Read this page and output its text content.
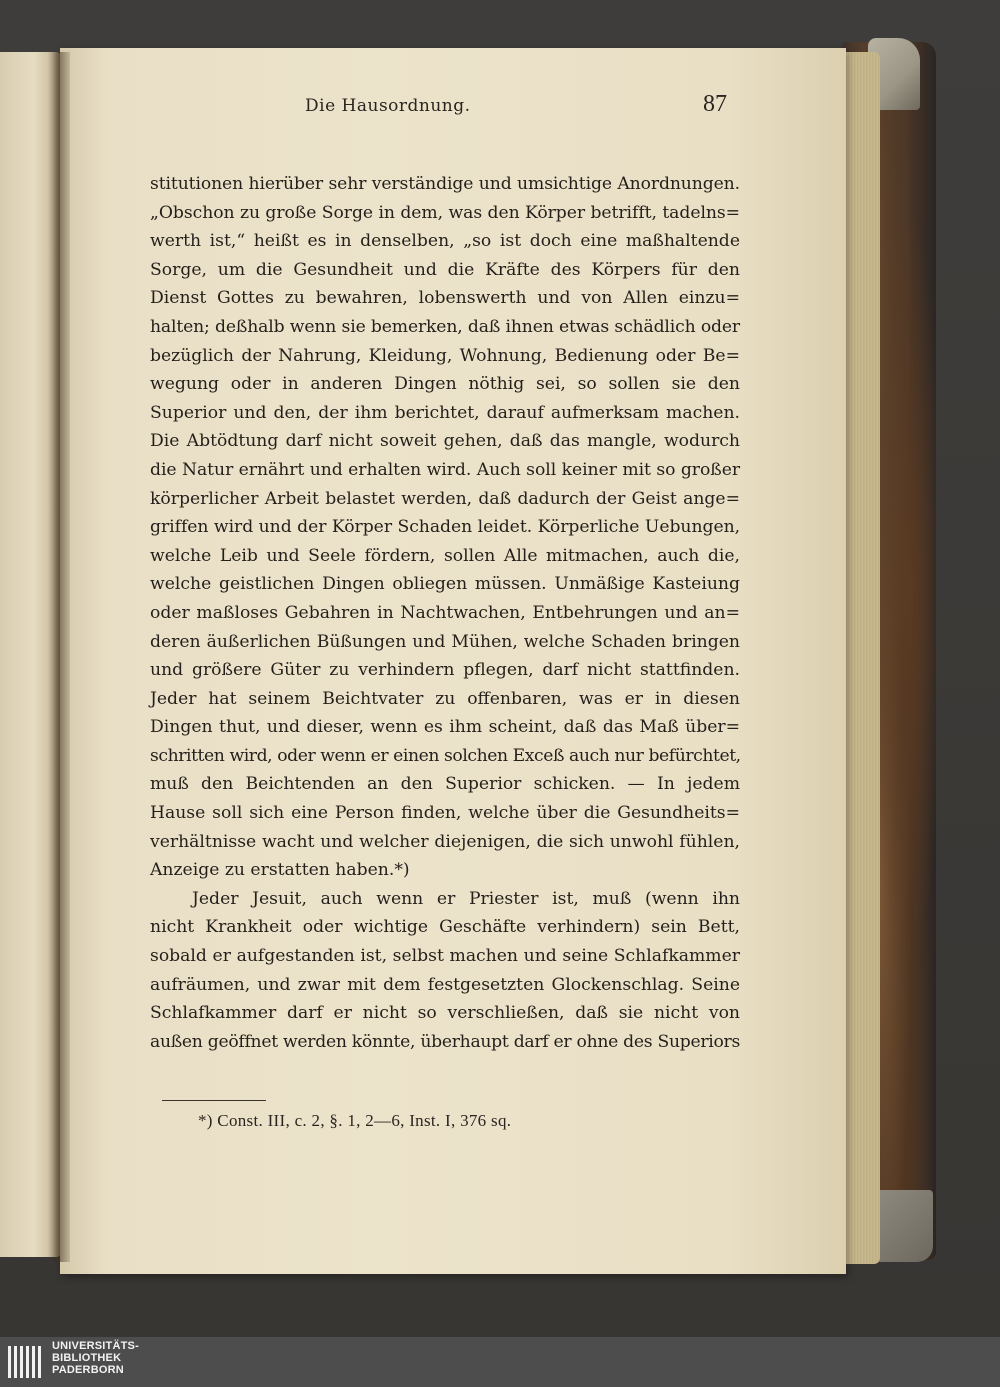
Die Hausordnung.	87
stitutionen hierüber sehr verständige und umsichtige Anordnungen.
„Obschon zu große Sorge in dem, was den Körper betrifft, tadelns=
werth ist,“ heißt es in denselben, „so ist doch eine maßhaltende
Sorge, um die Gesundheit und die Kräfte des Körpers für den
Dienst Gottes zu bewahren, lobenswerth und von Allen einzu=
halten; deßhalb wenn sie bemerken, daß ihnen etwas schädlich oder
bezüglich der Nahrung, Kleidung, Wohnung, Bedienung oder Be=
wegung oder in anderen Dingen nöthig sei, so sollen sie den
Superior und den, der ihm berichtet, darauf aufmerksam machen.
Die Abtödtung darf nicht soweit gehen, daß das mangle, wodurch
die Natur ernährt und erhalten wird. Auch soll keiner mit so großer
körperlicher Arbeit belastet werden, daß dadurch der Geist ange=
griffen wird und der Körper Schaden leidet. Körperliche Uebungen,
welche Leib und Seele fördern, sollen Alle mitmachen, auch die,
welche geistlichen Dingen obliegen müssen. Unmäßige Kasteiung
oder maßloses Gebahren in Nachtwachen, Entbehrungen und an=
deren äußerlichen Büßungen und Mühen, welche Schaden bringen
und größere Güter zu verhindern pflegen, darf nicht stattfinden.
Jeder hat seinem Beichtvater zu offenbaren, was er in diesen
Dingen thut, und dieser, wenn es ihm scheint, daß das Maß über=
schritten wird, oder wenn er einen solchen Exceß auch nur befürchtet,
muß den Beichtenden an den Superior schicken. — In jedem
Hause soll sich eine Person finden, welche über die Gesundheits=
verhältnisse wacht und welcher diejenigen, die sich unwohl fühlen,
Anzeige zu erstatten haben.*)
Jeder Jesuit, auch wenn er Priester ist, muß (wenn ihn
nicht Krankheit oder wichtige Geschäfte verhindern) sein Bett,
sobald er aufgestanden ist, selbst machen und seine Schlafkammer
aufräumen, und zwar mit dem festgesetzten Glockenschlag. Seine
Schlafkammer darf er nicht so verschließen, daß sie nicht von
außen geöffnet werden könnte, überhaupt darf er ohne des Superiors
*) Const. III, c. 2, §. 1, 2—6, Inst. I, 376 sq.
UNIVERSITÄTS-
BIBLIOTHEK
PADERBORN
